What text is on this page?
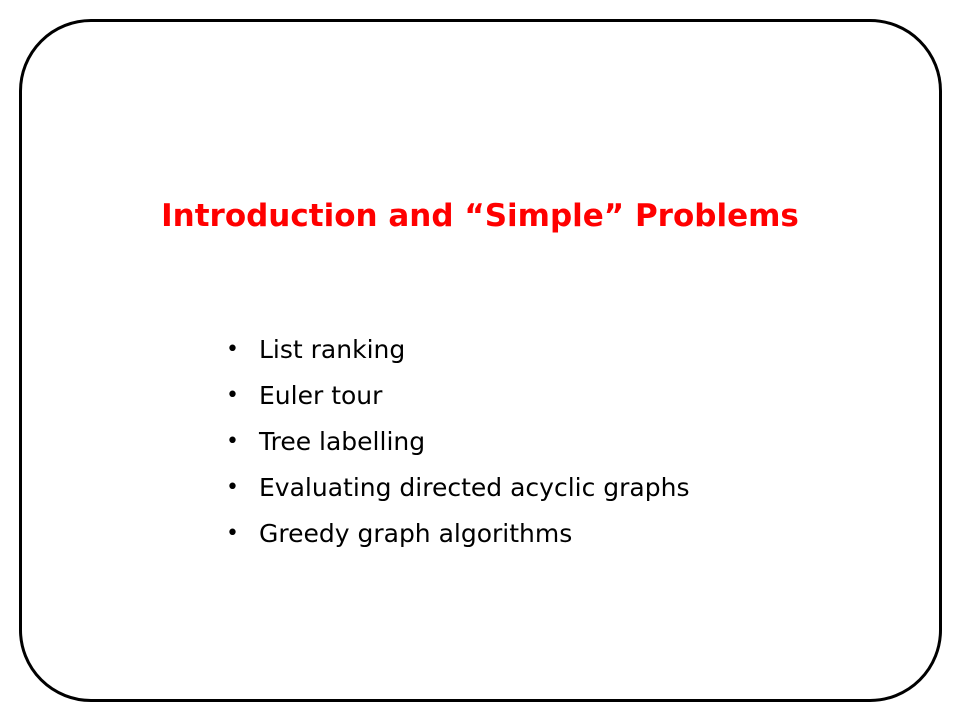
Introduction and “Simple” Problems
• List ranking
• Euler tour
• Tree labelling
• Evaluating directed acyclic graphs
• Greedy graph algorithms
